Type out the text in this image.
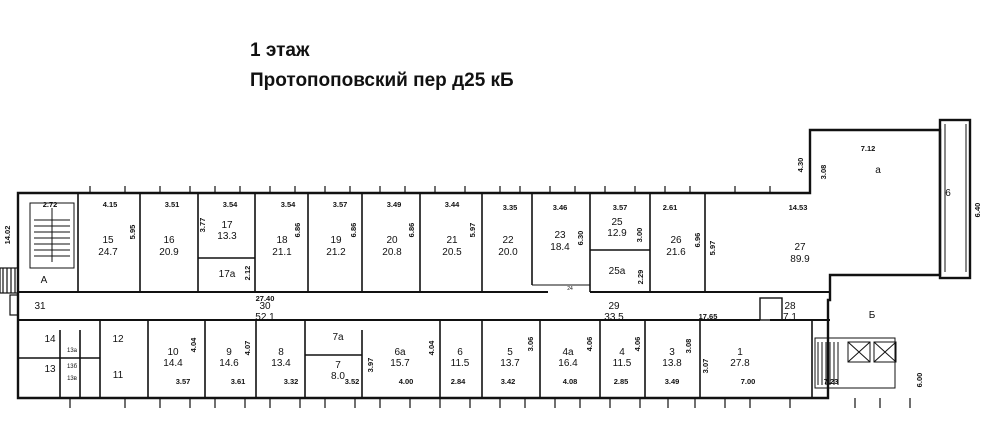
1 этаж
Протопоповский пер д25 кБ
15
24.7
16
20.9
17
13.3
17а
18
21.1
19
21.2
20
20.8
21
20.5
22
20.0
23
18.4
25
12.9
25а
26
21.6	27
89.9
10
14.4
9
14.6
8
13.4
7а
7
8.0
6а
15.7
6
11.5
5
13.7
4а
16.4
4
11.5
3
13.8
1
27.8
30
52.1
29
33.5
28
7.1
31
14	12
13
11
13а
13б
13в
А
Б
а
6
2.72	4.15	3.51	3.54	3.54	3.57	3.49	3.44	3.35	3.46	3.57	2.61	14.53
7.12
4.30 3.08
6.40
14.02	5.95	3.77	6.86	6.86	6.86	5.97
6.30	3.00
5.97
2.12	2.29
6.96
27.40
17.65
24
3.57	3.61	3.32	3.52	4.00	2.84	3.42	4.08	2.85	3.49	7.00	7.23
4.04	4.07
3.97
4.04	3.06	4.06	4.06	3.08
3.07
6.00
